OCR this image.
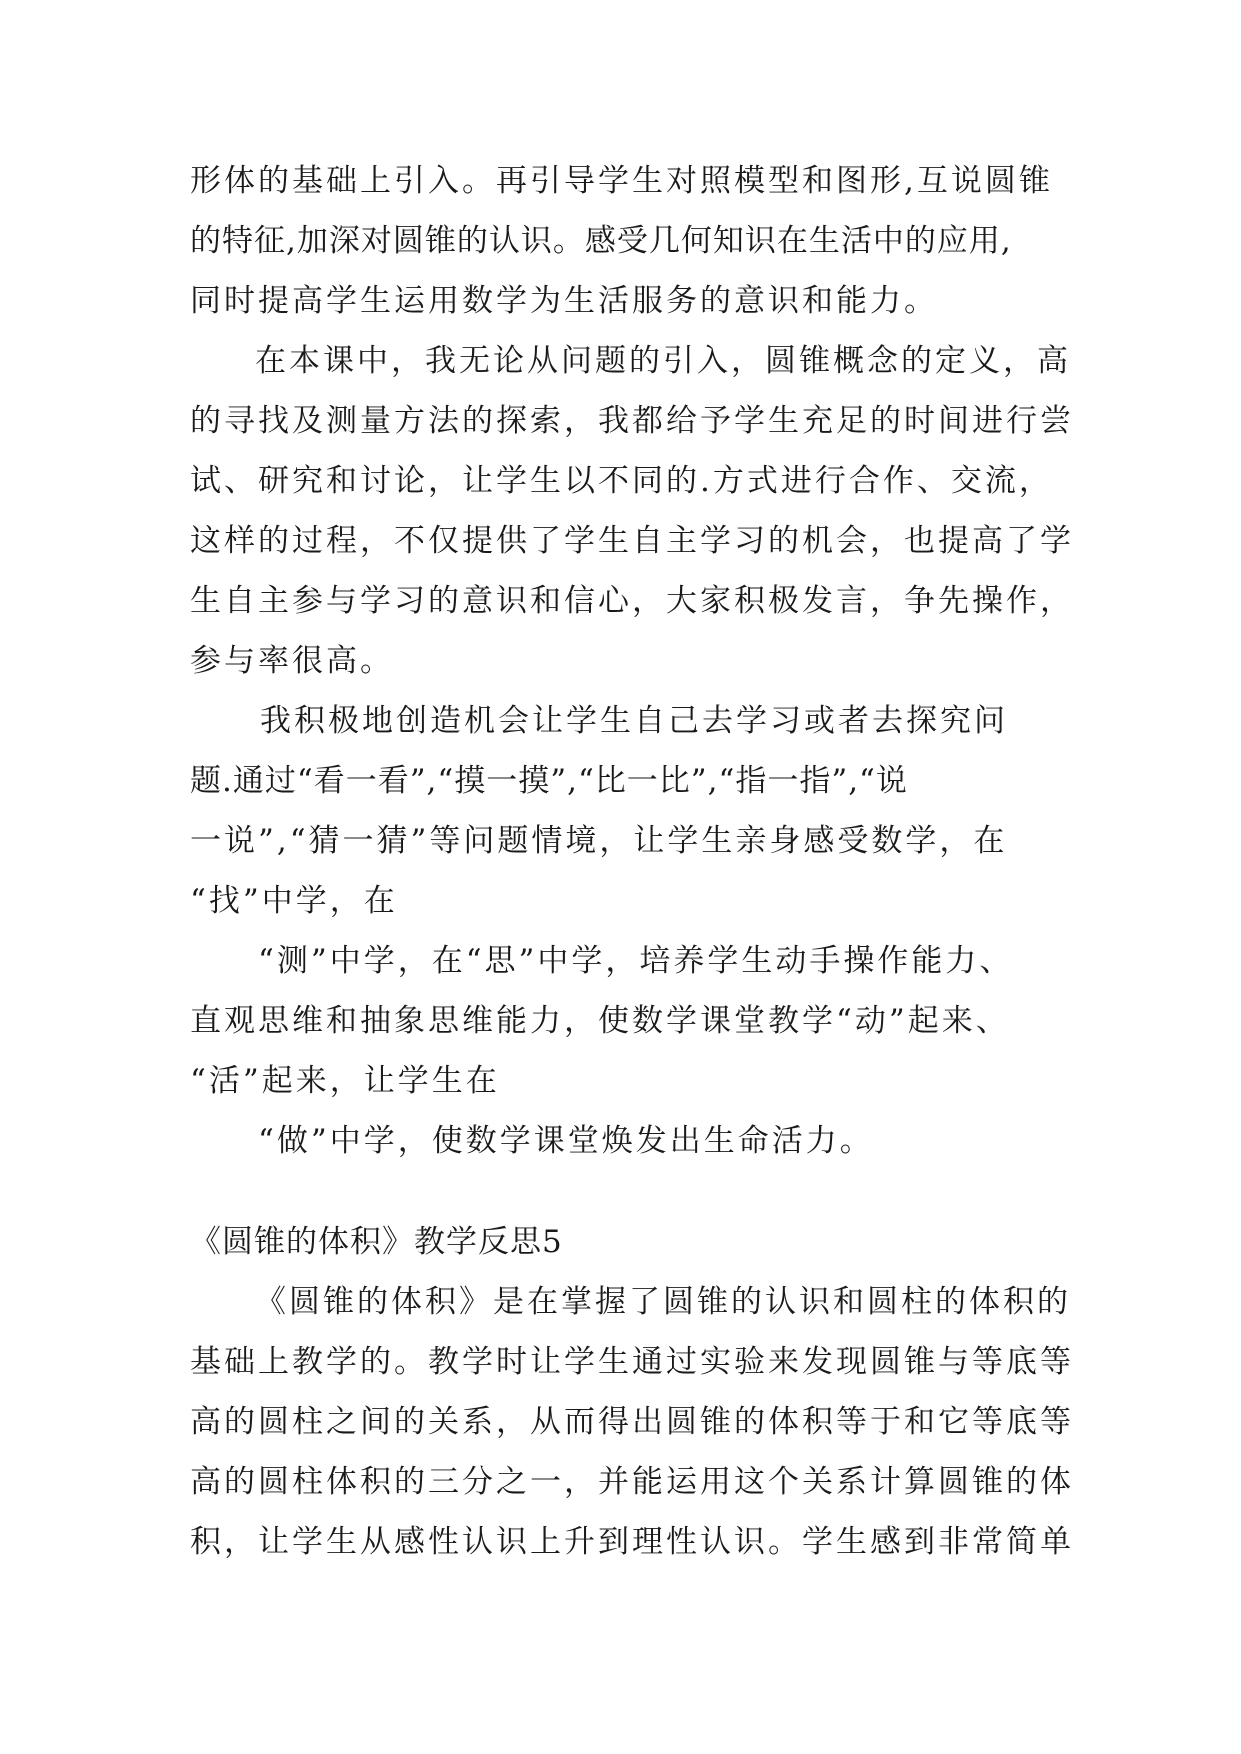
形体的基础上引入。再引导学生对照模型和图形,互说圆锥
的特征,加深对圆锥的认识。感受几何知识在生活中的应用,
同时提高学生运用数学为生活服务的意识和能力。
在本课中，我无论从问题的引入，圆锥概念的定义，高
的寻找及测量方法的探索，我都给予学生充足的时间进行尝
试、研究和讨论，让学生以不同的.方式进行合作、交流，
这样的过程，不仅提供了学生自主学习的机会，也提高了学
生自主参与学习的意识和信心，大家积极发言，争先操作，
参与率很高。
我积极地创造机会让学生自己去学习或者去探究问
题.通过“看一看”,“摸一摸”,“比一比”,“指一指”,“说
一说”,“猜一猜”等问题情境，让学生亲身感受数学，在
“找”中学，在
“测”中学，在“思”中学，培养学生动手操作能力、
直观思维和抽象思维能力，使数学课堂教学“动”起来、
“活”起来，让学生在
“做”中学，使数学课堂焕发出生命活力。
《圆锥的体积》教学反思5
《圆锥的体积》是在掌握了圆锥的认识和圆柱的体积的
基础上教学的。教学时让学生通过实验来发现圆锥与等底等
高的圆柱之间的关系，从而得出圆锥的体积等于和它等底等
高的圆柱体积的三分之一，并能运用这个关系计算圆锥的体
积，让学生从感性认识上升到理性认识。学生感到非常简单
